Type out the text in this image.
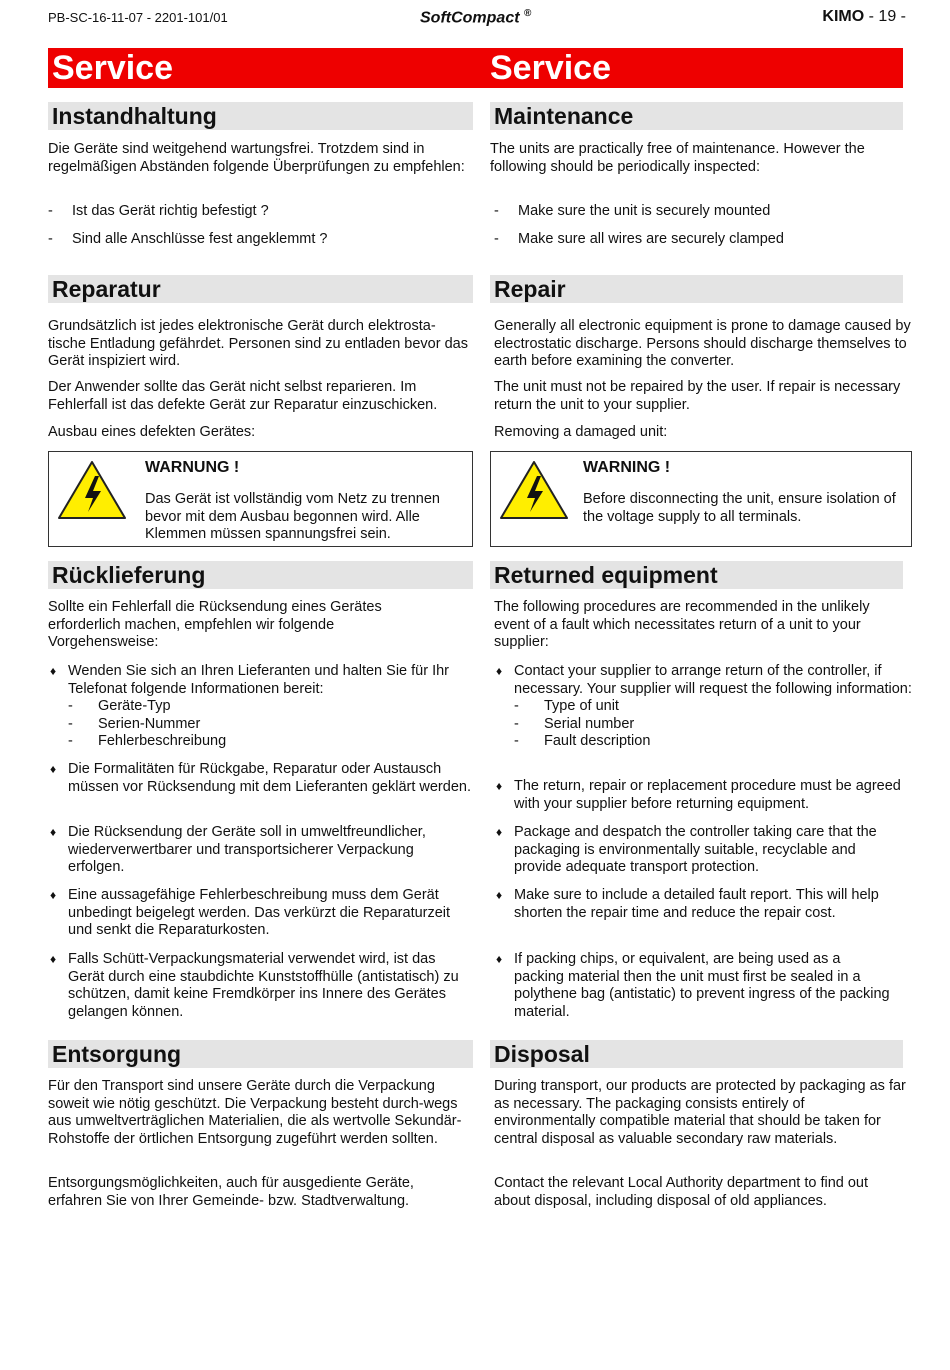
PB-SC-16-11-07 - 2201-101/01	SoftCompact ®	KIMO - 19 -
Service	Service
Instandhaltung	Maintenance
Die Geräte sind weitgehend wartungsfrei. Trotzdem sind in regelmäßigen Abständen folgende Überprüfungen zu empfehlen:
The units are practically free of maintenance. However the following should be periodically inspected:
- Ist das Gerät richtig befestigt ?
- Sind alle Anschlüsse fest angeklemmt ?
- Make sure the unit is securely mounted
- Make sure all wires are securely clamped
Reparatur	Repair
Grundsätzlich ist jedes elektronische Gerät durch elektrosta-tische Entladung gefährdet. Personen sind zu entladen bevor das Gerät inspiziert wird.
Der Anwender sollte das Gerät nicht selbst reparieren. Im Fehlerfall ist das defekte Gerät zur Reparatur einzuschicken.
Ausbau eines defekten Gerätes:
Generally all electronic equipment is prone to damage caused by electrostatic discharge. Persons should discharge themselves to earth before examining the converter.
The unit must not be repaired by the user. If repair is necessary return the unit to your supplier.
Removing a damaged unit:
WARNUNG !
Das Gerät ist vollständig vom Netz zu trennen bevor mit dem Ausbau begonnen wird. Alle Klemmen müssen spannungsfrei sein.
WARNING !
Before disconnecting the unit, ensure isolation of the voltage supply to all terminals.
Rücklieferung	Returned equipment
Sollte ein Fehlerfall die Rücksendung eines Gerätes erforderlich machen, empfehlen wir folgende Vorgehensweise:
The following procedures are recommended in the unlikely event of a fault which necessitates return of a unit to your supplier:
♦ Wenden Sie sich an Ihren Lieferanten und halten Sie für Ihr Telefonat folgende Informationen bereit:
- Geräte-Typ
- Serien-Nummer
- Fehlerbeschreibung
♦ Die Formalitäten für Rückgabe, Reparatur oder Austausch müssen vor Rücksendung mit dem Lieferanten geklärt werden.
♦ Die Rücksendung der Geräte soll in umweltfreundlicher, wiederverwertbarer und transportsicherer Verpackung erfolgen.
♦ Eine aussagefähige Fehlerbeschreibung muss dem Gerät unbedingt beigelegt werden. Das verkürzt die Reparaturzeit und senkt die Reparaturkosten.
♦ Falls Schütt-Verpackungsmaterial verwendet wird, ist das Gerät durch eine staubdichte Kunststoffhülle (antistatisch) zu schützen, damit keine Fremdkörper ins Innere des Gerätes gelangen können.
♦ Contact your supplier to arrange return of the controller, if necessary. Your supplier will request the following information:
- Type of unit
- Serial number
- Fault description
♦ The return, repair or replacement procedure must be agreed with your supplier before returning equipment.
♦ Package and despatch the controller taking care that the packaging is environmentally suitable, recyclable and provide adequate transport protection.
♦ Make sure to include a detailed fault report. This will help shorten the repair time and reduce the repair cost.
♦ If packing chips, or equivalent, are being used as a packing material then the unit must first be sealed in a polythene bag (antistatic) to prevent ingress of the packing material.
Entsorgung	Disposal
Für den Transport sind unsere Geräte durch die Verpackung soweit wie nötig geschützt. Die Verpackung besteht durch-wegs aus umweltverträglichen Materialien, die als wertvolle Sekundär-Rohstoffe der örtlichen Entsorgung zugeführt werden sollten.
Entsorgungsmöglichkeiten, auch für ausgediente Geräte, erfahren Sie von Ihrer Gemeinde- bzw. Stadtverwaltung.
During transport, our products are protected by packaging as far as necessary. The packaging consists entirely of environmentally compatible material that should be taken for central disposal as valuable secondary raw materials.
Contact the relevant Local Authority department to find out about disposal, including disposal of old appliances.
